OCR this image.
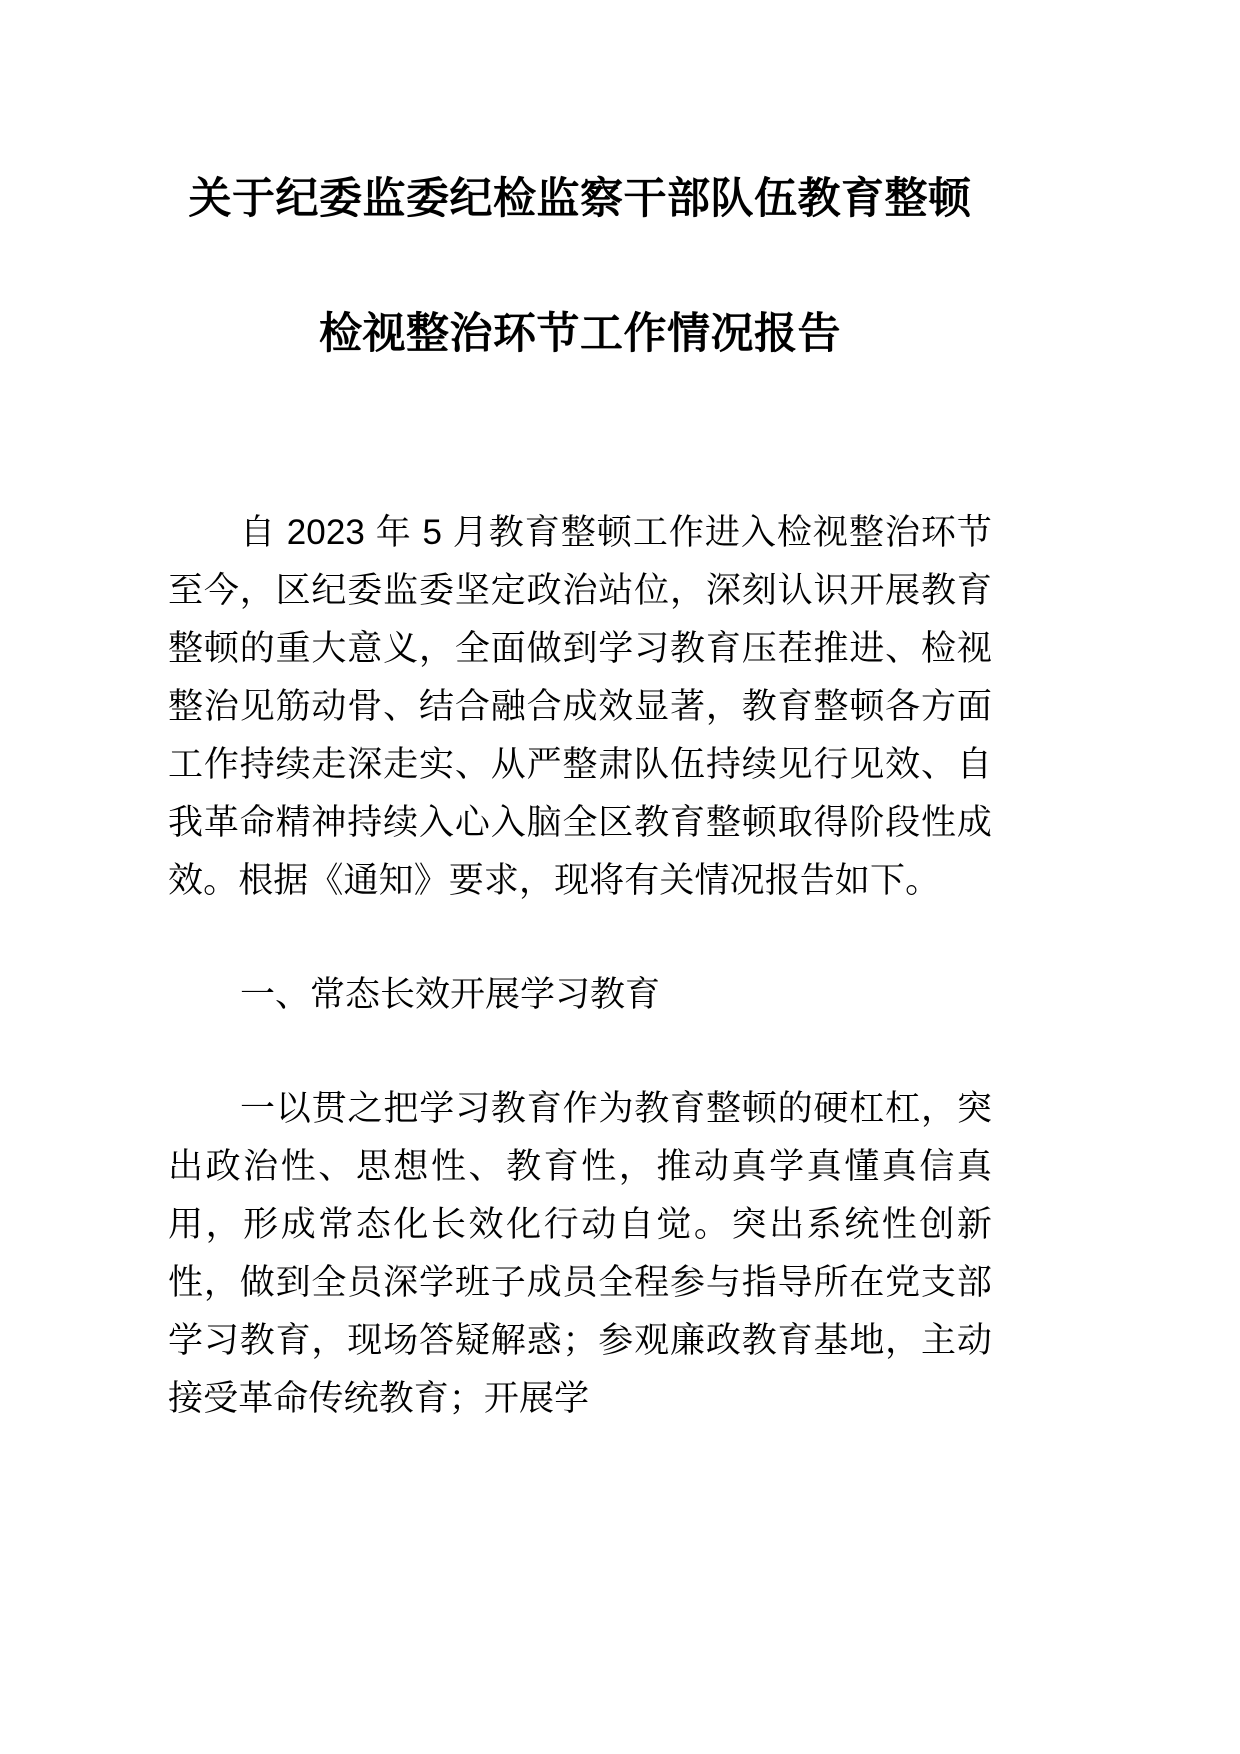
关于纪委监委纪检监察干部队伍教育整顿
检视整治环节工作情况报告

自 2023 年 5 月教育整顿工作进入检视整治环节至今，区纪委监委坚定政治站位，深刻认识开展教育整顿的重大意义，全面做到学习教育压茬推进、检视整治见筋动骨、结合融合成效显著，教育整顿各方面工作持续走深走实、从严整肃队伍持续见行见效、自我革命精神持续入心入脑全区教育整顿取得阶段性成效。根据《通知》要求，现将有关情况报告如下。

一、常态长效开展学习教育

一以贯之把学习教育作为教育整顿的硬杠杠，突出政治性、思想性、教育性，推动真学真懂真信真用，形成常态化长效化行动自觉。突出系统性创新性，做到全员深学班子成员全程参与指导所在党支部学习教育，现场答疑解惑；参观廉政教育基地，主动接受革命传统教育；开展学
